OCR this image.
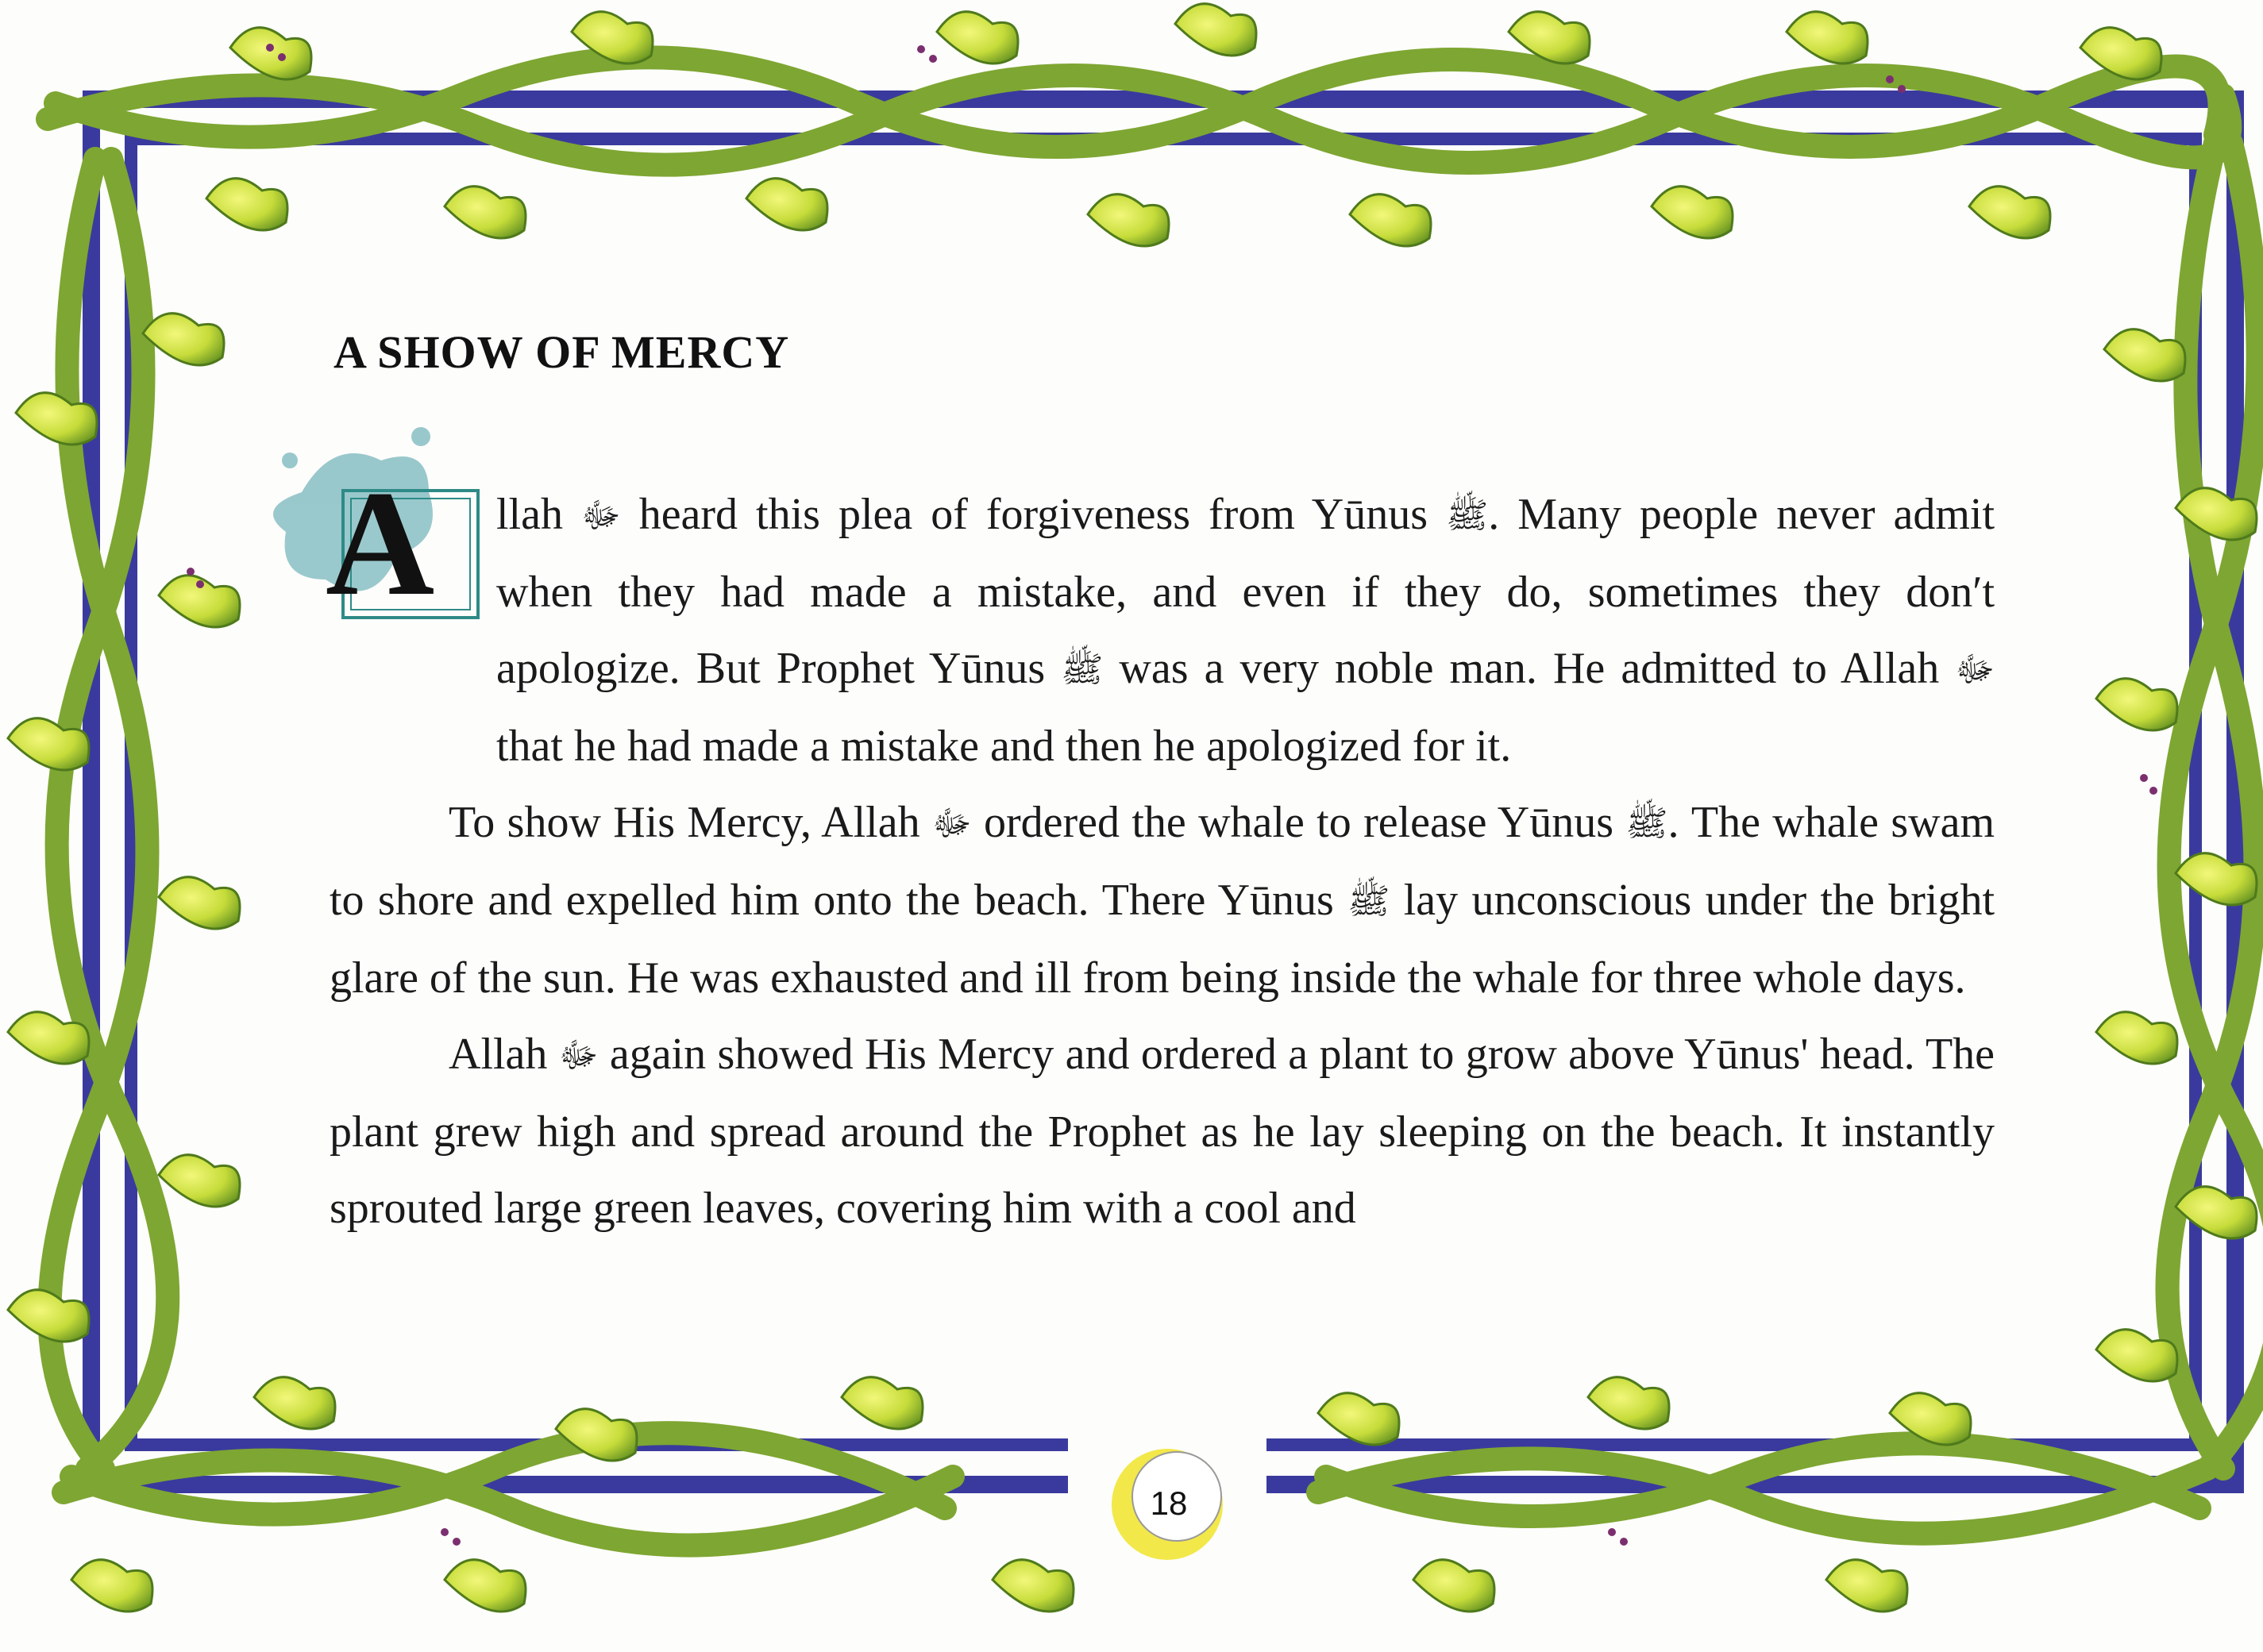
A
A SHOW OF MERCY

llah ﷻ heard this plea of forgiveness from Yūnus ﷺ. Many people never admit when they had made a mistake, and even if they do, sometimes they don′t apologize. But Prophet Yūnus ﷺ was a very noble man. He admitted to Allah ﷻ that he had made a mistake and then he apologized for it.

To show His Mercy, Allah ﷻ ordered the whale to release Yūnus ﷺ. The whale swam to shore and expelled him onto the beach. There Yūnus ﷺ lay unconscious under the bright glare of the sun. He was exhausted and ill from being inside the whale for three whole days.

Allah ﷻ again showed His Mercy and ordered a plant to grow above Yūnus' head. The plant grew high and spread around the Prophet as he lay sleeping on the beach. It instantly sprouted large green leaves, covering him with a cool and

18
